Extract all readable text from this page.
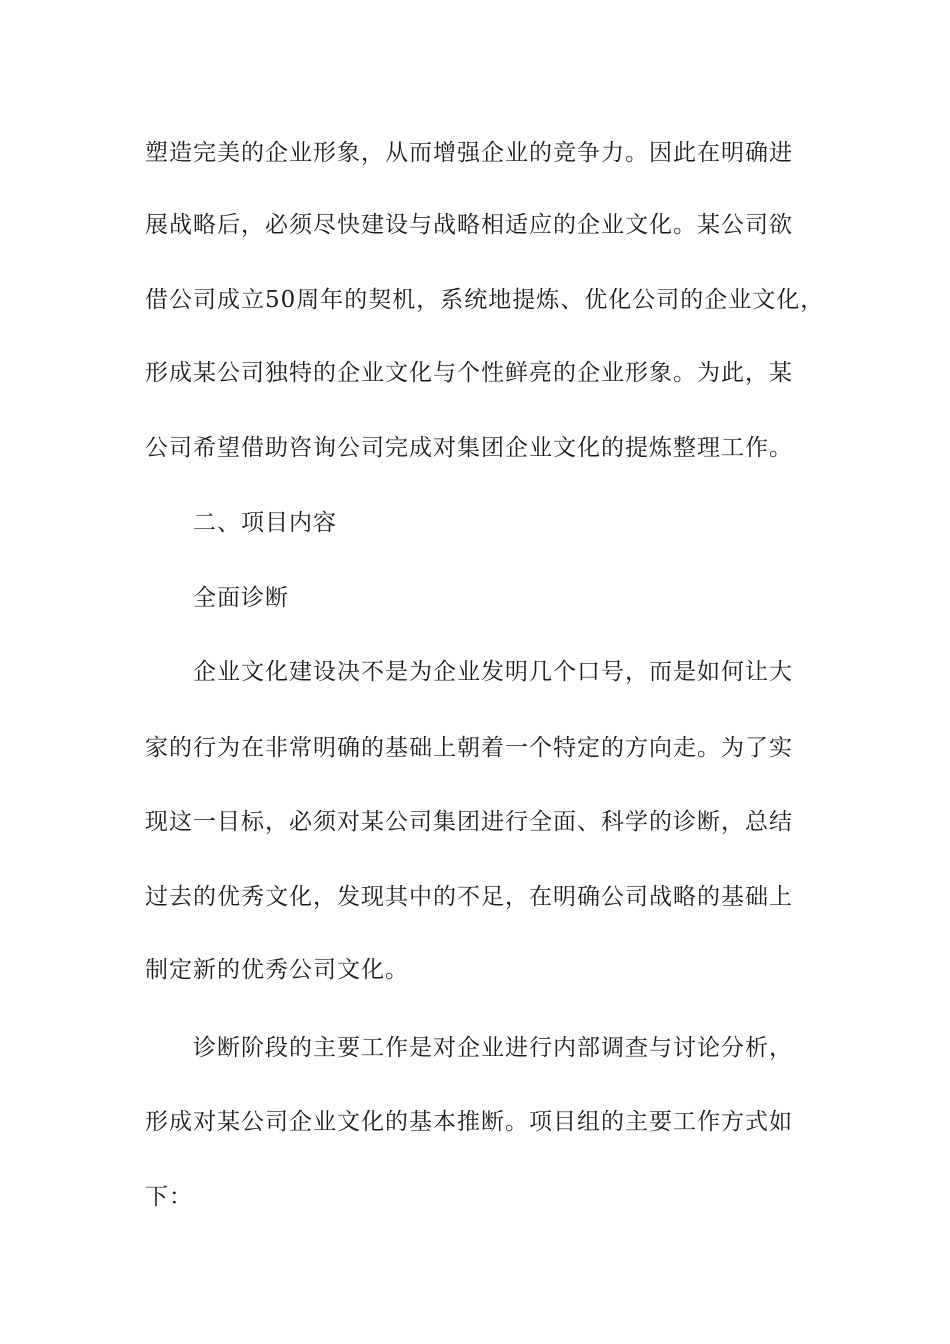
塑造完美的企业形象，从而增强企业的竞争力。因此在明确进
展战略后，必须尽快建设与战略相适应的企业文化。某公司欲
借公司成立50周年的契机，系统地提炼、优化公司的企业文化，
形成某公司独特的企业文化与个性鲜亮的企业形象。为此，某
公司希望借助咨询公司完成对集团企业文化的提炼整理工作。
二、项目内容
全面诊断
企业文化建设决不是为企业发明几个口号，而是如何让大
家的行为在非常明确的基础上朝着一个特定的方向走。为了实
现这一目标，必须对某公司集团进行全面、科学的诊断，总结
过去的优秀文化，发现其中的不足，在明确公司战略的基础上
制定新的优秀公司文化。
诊断阶段的主要工作是对企业进行内部调查与讨论分析，
形成对某公司企业文化的基本推断。项目组的主要工作方式如
下：
